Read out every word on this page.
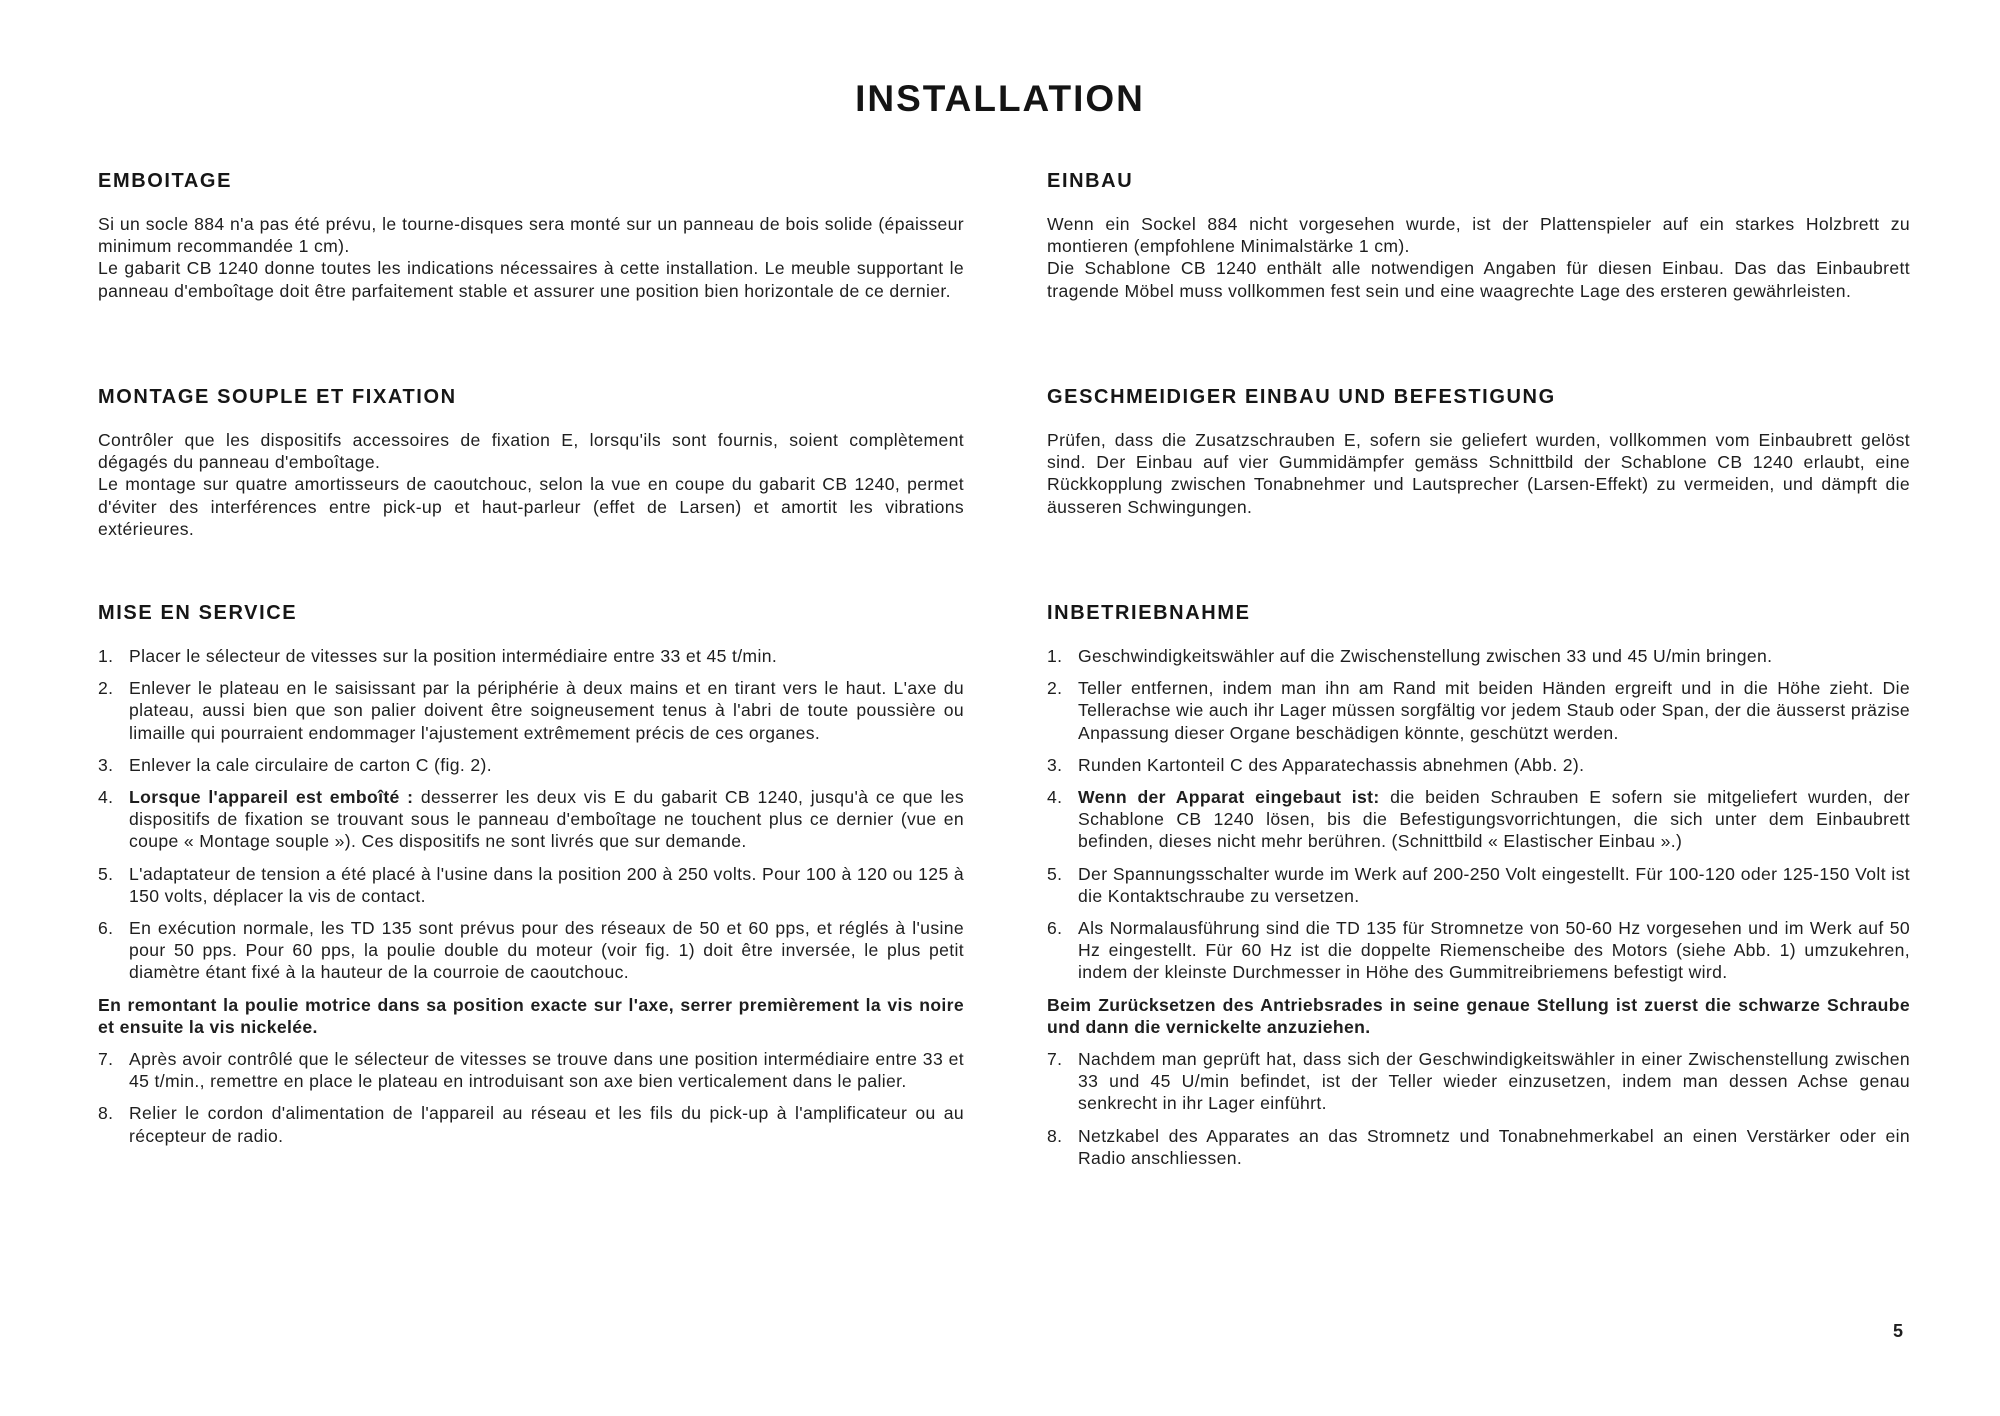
INSTALLATION
EMBOITAGE

Si un socle 884 n'a pas été prévu, le tourne-disques sera monté sur un panneau de bois solide (épaisseur minimum recommandée 1 cm).

Le gabarit CB 1240 donne toutes les indications nécessaires à cette installation. Le meuble supportant le panneau d'emboîtage doit être parfaitement stable et assurer une position bien horizontale de ce dernier.

MONTAGE SOUPLE ET FIXATION

Contrôler que les dispositifs accessoires de fixation E, lorsqu'ils sont fournis, soient complètement dégagés du panneau d'emboîtage.

Le montage sur quatre amortisseurs de caoutchouc, selon la vue en coupe du gabarit CB 1240, permet d'éviter des interférences entre pick-up et haut-parleur (effet de Larsen) et amortit les vibrations extérieures.

MISE EN SERVICE
1. Placer le sélecteur de vitesses sur la position intermédiaire entre 33 et 45 t/min.
2. Enlever le plateau en le saisissant par la périphérie à deux mains et en tirant vers le haut. L'axe du plateau, aussi bien que son palier doivent être soigneusement tenus à l'abri de toute poussière ou limaille qui pourraient endommager l'ajustement extrêmement précis de ces organes.
3. Enlever la cale circulaire de carton C (fig. 2).
4. Lorsque l'appareil est emboîté : desserrer les deux vis E du gabarit CB 1240, jusqu'à ce que les dispositifs de fixation se trouvant sous le panneau d'emboîtage ne touchent plus ce dernier (vue en coupe « Montage souple »). Ces dispositifs ne sont livrés que sur demande.
5. L'adaptateur de tension a été placé à l'usine dans la position 200 à 250 volts. Pour 100 à 120 ou 125 à 150 volts, déplacer la vis de contact.
6. En exécution normale, les TD 135 sont prévus pour des réseaux de 50 et 60 pps, et réglés à l'usine pour 50 pps. Pour 60 pps, la poulie double du moteur (voir fig. 1) doit être inversée, le plus petit diamètre étant fixé à la hauteur de la courroie de caoutchouc.

En remontant la poulie motrice dans sa position exacte sur l'axe, serrer premièrement la vis noire et ensuite la vis nickelée.

7. Après avoir contrôlé que le sélecteur de vitesses se trouve dans une position intermédiaire entre 33 et 45 t/min., remettre en place le plateau en introduisant son axe bien verticalement dans le palier.
8. Relier le cordon d'alimentation de l'appareil au réseau et les fils du pick-up à l'amplificateur ou au récepteur de radio.
EINBAU

Wenn ein Sockel 884 nicht vorgesehen wurde, ist der Plattenspieler auf ein starkes Holzbrett zu montieren (empfohlene Minimalstärke 1 cm).

Die Schablone CB 1240 enthält alle notwendigen Angaben für diesen Einbau. Das das Einbaubrett tragende Möbel muss vollkommen fest sein und eine waagrechte Lage des ersteren gewährleisten.

GESCHMEIDIGER EINBAU UND BEFESTIGUNG

Prüfen, dass die Zusatzschrauben E, sofern sie geliefert wurden, vollkommen vom Einbaubrett gelöst sind. Der Einbau auf vier Gummidämpfer gemäss Schnittbild der Schablone CB 1240 erlaubt, eine Rückkopplung zwischen Tonabnehmer und Lautsprecher (Larsen-Effekt) zu vermeiden, und dämpft die äusseren Schwingungen.

INBETRIEBNAHME
1. Geschwindigkeitswähler auf die Zwischenstellung zwischen 33 und 45 U/min bringen.
2. Teller entfernen, indem man ihn am Rand mit beiden Händen ergreift und in die Höhe zieht. Die Tellerachse wie auch ihr Lager müssen sorgfältig vor jedem Staub oder Span, der die äusserst präzise Anpassung dieser Organe beschädigen könnte, geschützt werden.
3. Runden Kartonteil C des Apparatechassis abnehmen (Abb. 2).
4. Wenn der Apparat eingebaut ist: die beiden Schrauben E sofern sie mitgeliefert wurden, der Schablone CB 1240 lösen, bis die Befestigungsvorrichtungen, die sich unter dem Einbaubrett befinden, dieses nicht mehr berühren. (Schnittbild « Elastischer Einbau ».)
5. Der Spannungsschalter wurde im Werk auf 200-250 Volt eingestellt. Für 100-120 oder 125-150 Volt ist die Kontaktschraube zu versetzen.
6. Als Normalausführung sind die TD 135 für Stromnetze von 50-60 Hz vorgesehen und im Werk auf 50 Hz eingestellt. Für 60 Hz ist die doppelte Riemenscheibe des Motors (siehe Abb. 1) umzukehren, indem der kleinste Durchmesser in Höhe des Gummitreibriemens befestigt wird.

Beim Zurücksetzen des Antriebsrades in seine genaue Stellung ist zuerst die schwarze Schraube und dann die vernickelte anzuziehen.

7. Nachdem man geprüft hat, dass sich der Geschwindigkeitswähler in einer Zwischenstellung zwischen 33 und 45 U/min befindet, ist der Teller wieder einzusetzen, indem man dessen Achse genau senkrecht in ihr Lager einführt.
8. Netzkabel des Apparates an das Stromnetz und Tonabnehmerkabel an einen Verstärker oder ein Radio anschliessen.
5
